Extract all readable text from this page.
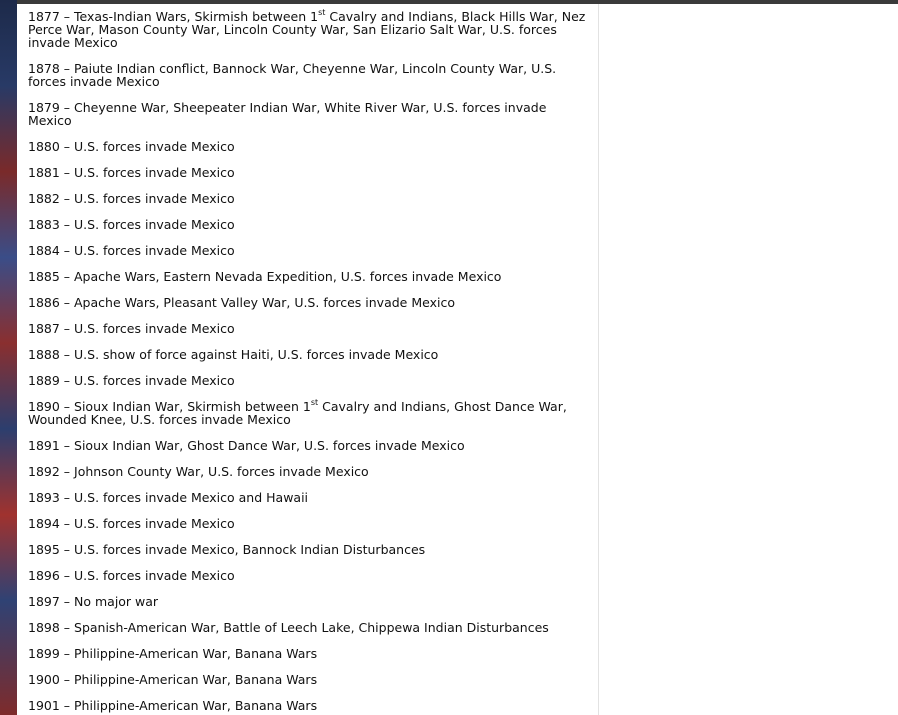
1877 – Texas-Indian Wars, Skirmish between 1st Cavalry and Indians, Black Hills War, Nez Perce War, Mason County War, Lincoln County War, San Elizario Salt War, U.S. forces invade Mexico
1878 – Paiute Indian conflict, Bannock War, Cheyenne War, Lincoln County War, U.S. forces invade Mexico
1879 – Cheyenne War, Sheepeater Indian War, White River War, U.S. forces invade Mexico
1880 – U.S. forces invade Mexico
1881 – U.S. forces invade Mexico
1882 – U.S. forces invade Mexico
1883 – U.S. forces invade Mexico
1884 – U.S. forces invade Mexico
1885 – Apache Wars, Eastern Nevada Expedition, U.S. forces invade Mexico
1886 – Apache Wars, Pleasant Valley War, U.S. forces invade Mexico
1887 – U.S. forces invade Mexico
1888 – U.S. show of force against Haiti, U.S. forces invade Mexico
1889 – U.S. forces invade Mexico
1890 – Sioux Indian War, Skirmish between 1st Cavalry and Indians, Ghost Dance War, Wounded Knee, U.S. forces invade Mexico
1891 – Sioux Indian War, Ghost Dance War, U.S. forces invade Mexico
1892 – Johnson County War, U.S. forces invade Mexico
1893 – U.S. forces invade Mexico and Hawaii
1894 – U.S. forces invade Mexico
1895 – U.S. forces invade Mexico, Bannock Indian Disturbances
1896 – U.S. forces invade Mexico
1897 – No major war
1898 – Spanish-American War, Battle of Leech Lake, Chippewa Indian Disturbances
1899 – Philippine-American War, Banana Wars
1900 – Philippine-American War, Banana Wars
1901 – Philippine-American War, Banana Wars
